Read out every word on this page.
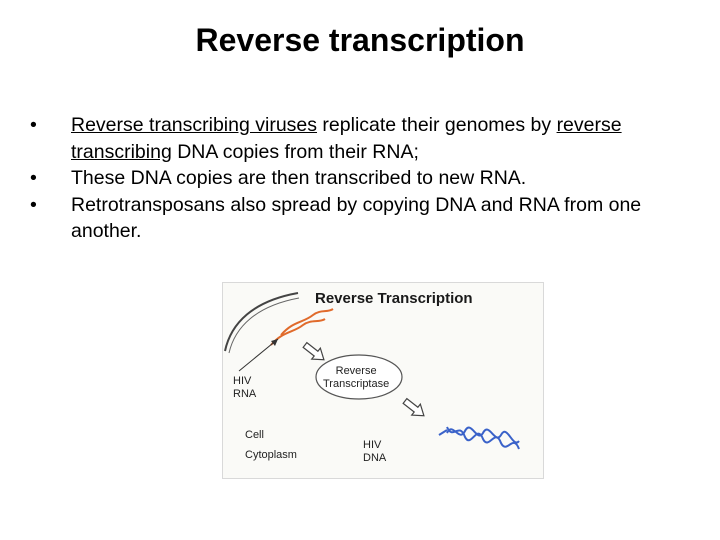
Reverse transcription
• Reverse transcribing viruses replicate their genomes by reverse transcribing DNA copies from their RNA;
• These DNA copies are then transcribed to new RNA.
• Retrotransposans also spread by copying DNA and RNA from one another.
Reverse Transcription
HIV
RNA
Reverse
Transcriptase
Cell
Cytoplasm
HIV
DNA
